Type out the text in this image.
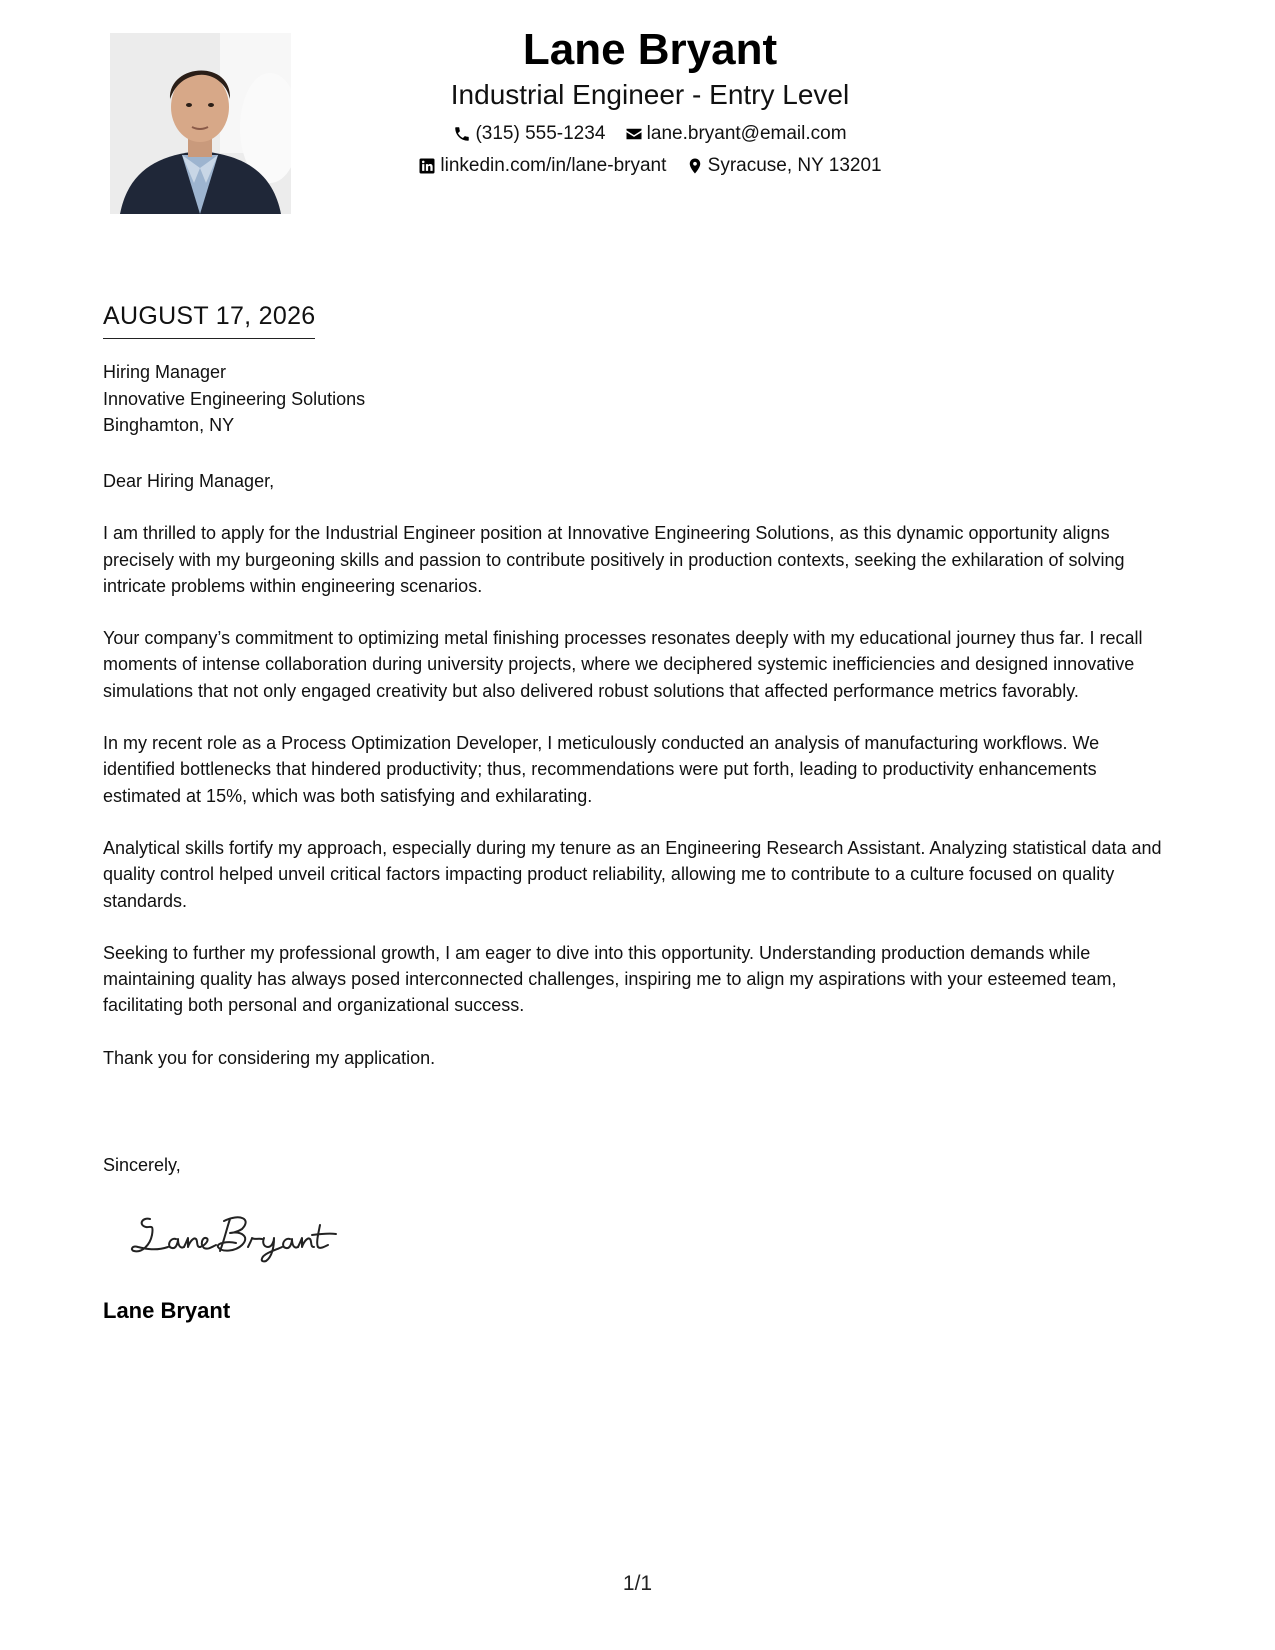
Lane Bryant
Industrial Engineer - Entry Level
(315) 555-1234
lane.bryant@email.com
linkedin.com/in/lane-bryant
Syracuse, NY 13201
AUGUST 17, 2026
Hiring Manager
Innovative Engineering Solutions
Binghamton, NY

Dear Hiring Manager,

I am thrilled to apply for the Industrial Engineer position at Innovative Engineering Solutions, as this dynamic opportunity aligns precisely with my burgeoning skills and passion to contribute positively in production contexts, seeking the exhilaration of solving intricate problems within engineering scenarios.

Your company’s commitment to optimizing metal finishing processes resonates deeply with my educational journey thus far. I recall moments of intense collaboration during university projects, where we deciphered systemic inefficiencies and designed innovative simulations that not only engaged creativity but also delivered robust solutions that affected performance metrics favorably.

In my recent role as a Process Optimization Developer, I meticulously conducted an analysis of manufacturing workflows. We identified bottlenecks that hindered productivity; thus, recommendations were put forth, leading to productivity enhancements estimated at 15%, which was both satisfying and exhilarating.

Analytical skills fortify my approach, especially during my tenure as an Engineering Research Assistant. Analyzing statistical data and quality control helped unveil critical factors impacting product reliability, allowing me to contribute to a culture focused on quality standards.

Seeking to further my professional growth, I am eager to dive into this opportunity. Understanding production demands while maintaining quality has always posed interconnected challenges, inspiring me to align my aspirations with your esteemed team, facilitating both personal and organizational success.

Thank you for considering my application.

Sincerely,
Lane Bryant
1/1
